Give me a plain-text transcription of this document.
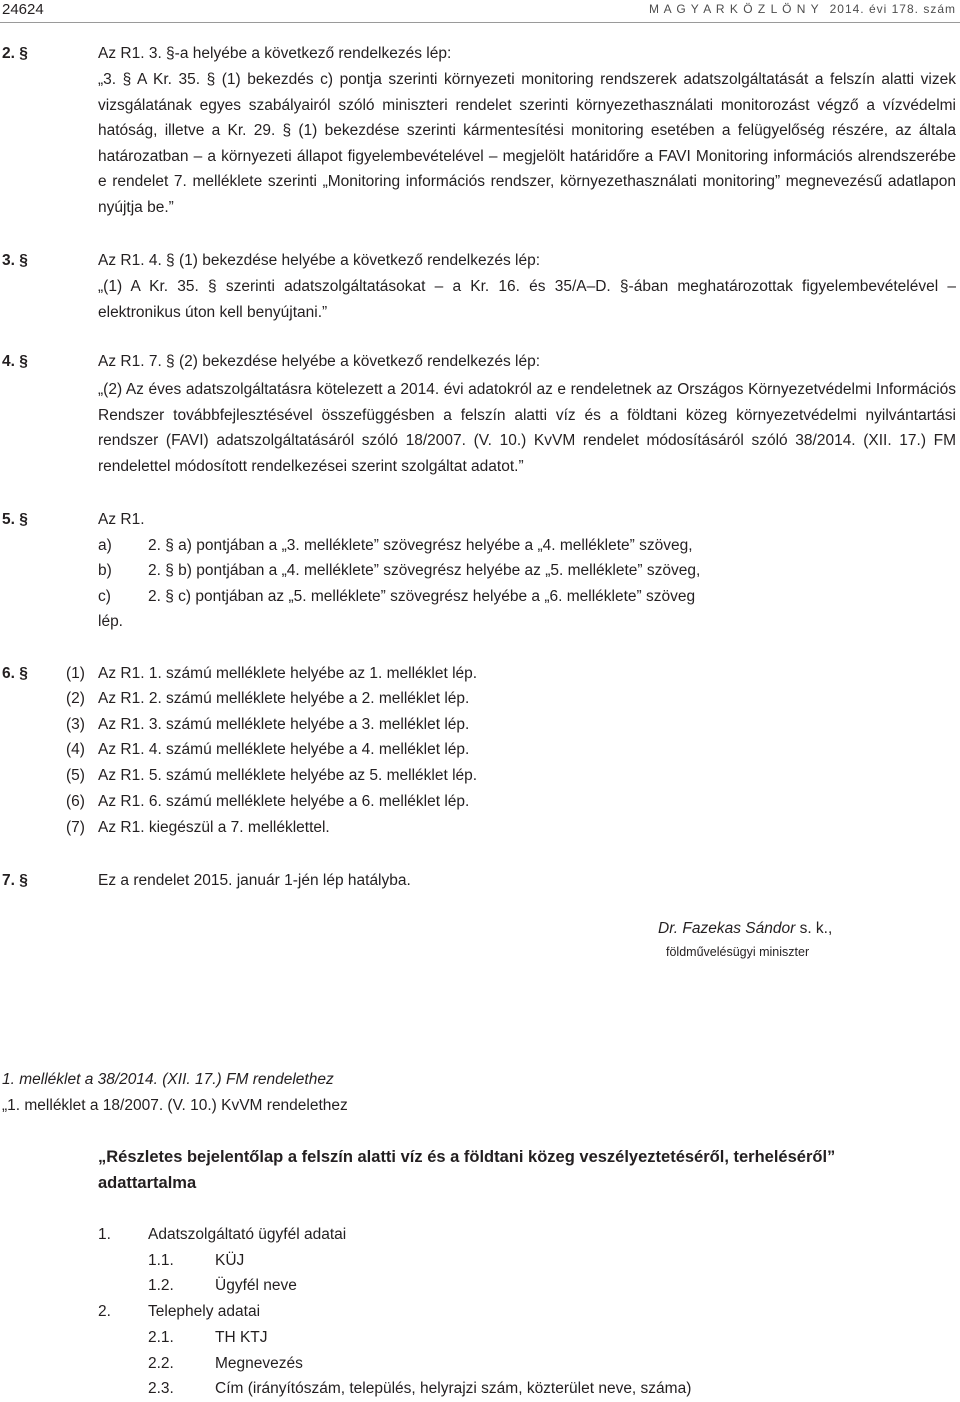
24624	M A G Y A R K Ö Z L Ö N Y 2014. évi 178. szám
2. §	Az R1. 3. §-a helyébe a következő rendelkezés lép:
„3. § A Kr. 35. § (1) bekezdés c) pontja szerinti környezeti monitoring rendszerek adatszolgáltatását a felszín alatti vizek vizsgálatának egyes szabályairól szóló miniszteri rendelet szerinti környezethasználati monitorozást végző a vízvédelmi hatóság, illetve a Kr. 29. § (1) bekezdése szerinti kármentesítési monitoring esetében a felügyelőség részére, az általa határozatban – a környezeti állapot figyelembevételével – megjelölt határidőre a FAVI Monitoring információs alrendszerébe e rendelet 7. melléklete szerinti „Monitoring információs rendszer, környezethasználati monitoring” megnevezésű adatlapon nyújtja be.”
3. §	Az R1. 4. § (1) bekezdése helyébe a következő rendelkezés lép:
„(1) A Kr. 35. § szerinti adatszolgáltatásokat – a Kr. 16. és 35/A–D. §-ában meghatározottak figyelembevételével – elektronikus úton kell benyújtani.”
4. §	Az R1. 7. § (2) bekezdése helyébe a következő rendelkezés lép:
„(2) Az éves adatszolgáltatásra kötelezett a 2014. évi adatokról az e rendeletnek az Országos Környezetvédelmi Információs Rendszer továbbfejlesztésével összefüggésben a felszín alatti víz és a földtani közeg környezetvédelmi nyilvántartási rendszer (FAVI) adatszolgáltatásáról szóló 18/2007. (V. 10.) KvVM rendelet módosításáról szóló 38/2014. (XII. 17.) FM rendelettel módosított rendelkezései szerint szolgáltat adatot.”
5. §	Az R1.
a) 2. § a) pontjában a „3. melléklete” szövegrész helyébe a „4. melléklete” szöveg,
b) 2. § b) pontjában a „4. melléklete” szövegrész helyébe az „5. melléklete” szöveg,
c) 2. § c) pontjában az „5. melléklete” szövegrész helyébe a „6. melléklete” szöveg
lép.
6. § (1) Az R1. 1. számú melléklete helyébe az 1. melléklet lép.
(2) Az R1. 2. számú melléklete helyébe a 2. melléklet lép.
(3) Az R1. 3. számú melléklete helyébe a 3. melléklet lép.
(4) Az R1. 4. számú melléklete helyébe a 4. melléklet lép.
(5) Az R1. 5. számú melléklete helyébe az 5. melléklet lép.
(6) Az R1. 6. számú melléklete helyébe a 6. melléklet lép.
(7) Az R1. kiegészül a 7. melléklettel.
7. §	Ez a rendelet 2015. január 1-jén lép hatályba.
Dr. Fazekas Sándor s. k.,
földművelésügyi miniszter
1. melléklet a 38/2014. (XII. 17.) FM rendelethez
„1. melléklet a 18/2007. (V. 10.) KvVM rendelethez
„Részletes bejelentőlap a felszín alatti víz és a földtani közeg veszélyeztetéséről, terheléséről” adattartalma
1. Adatszolgáltató ügyfél adatai
1.1.	KÜJ
1.2.	Ügyfél neve
2. Telephely adatai
2.1.	TH KTJ
2.2.	Megnevezés
2.3.	Cím (irányítószám, település, helyrajzi szám, közterület neve, száma)
